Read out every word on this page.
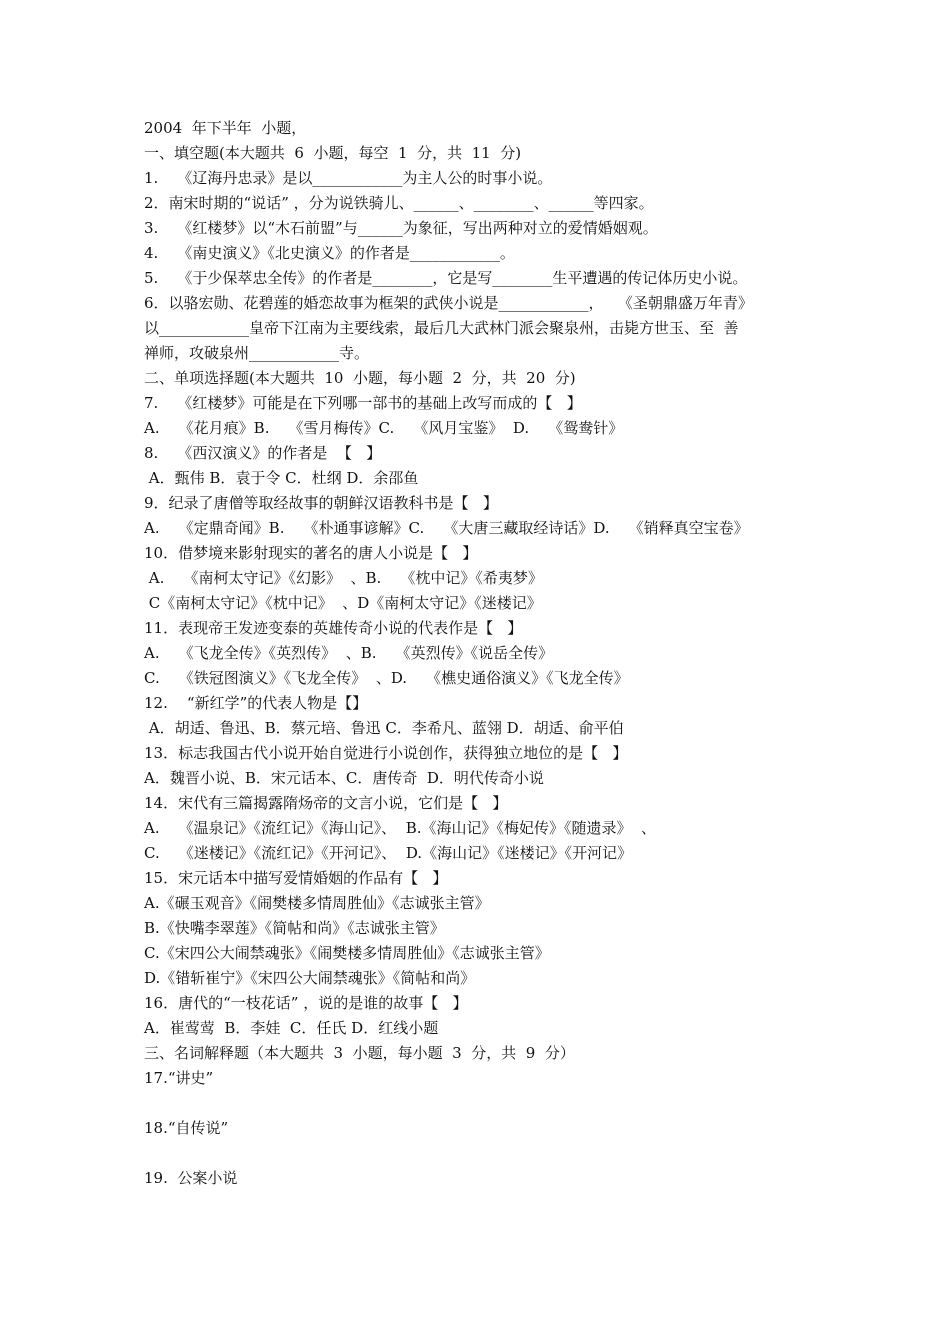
2004  年下半年  小题，
一、填空题(本大题共  6  小题，每空  1  分，共  11  分)
1.    《辽海丹忠录》是以____________为主人公的时事小说。
2．南宋时期的“说话” ，分为说铁骑儿、______、________、______等四家。
3.    《红楼梦》以“木石前盟”与______为象征，写出两种对立的爱情婚姻观。
4.    《南史演义》《北史演义》的作者是____________。
5.    《于少保萃忠全传》的作者是________，它是写________生平遭遇的传记体历史小说。
6．以骆宏勋、花碧莲的婚恋故事为框架的武侠小说是____________，   《圣朝鼎盛万年青》
以____________皇帝下江南为主要线索，最后几大武林门派会聚泉州，击毙方世玉、至  善
禅师，攻破泉州____________寺。
二、单项选择题(本大题共  10  小题，每小题  2  分，共  20  分)
7.    《红楼梦》可能是在下列哪一部书的基础上改写而成的【   】
A.    《花月痕》B.    《雪月梅传》C.    《风月宝鉴》  D.    《鸳鸯针》
8.    《西汉演义》的作者是  【   】
A．甄伟 B．袁于令 C．杜纲 D．余邵鱼
9．纪录了唐僧等取经故事的朝鲜汉语教科书是【   】
A.    《定鼎奇闻》B.    《朴通事谚解》C.    《大唐三藏取经诗话》D.    《销释真空宝卷》
10．借梦境来影射现实的著名的唐人小说是【   】
A.    《南柯太守记》《幻影》  、B.    《枕中记》《希夷梦》
C《南柯太守记》《枕中记》  、D《南柯太守记》《迷楼记》
11．表现帝王发迹变泰的英雄传奇小说的代表作是【   】
A.    《飞龙全传》《英烈传》  、B.    《英烈传》《说岳全传》
C.    《铁冠图演义》《飞龙全传》  、D.    《樵史通俗演义》《飞龙全传》
12.    “新红学”的代表人物是【】
A．胡适、鲁迅、B．蔡元培、鲁迅 C．李希凡、蓝翎 D．胡适、俞平伯
13．标志我国古代小说开始自觉进行小说创作，获得独立地位的是【   】
A．魏晋小说、B．宋元话本、C．唐传奇  D．明代传奇小说
14．宋代有三篇揭露隋炀帝的文言小说，它们是【   】
A.    《温泉记》《流红记》《海山记》、  B.《海山记》《梅妃传》《随遗录》  、
C.    《迷楼记》《流红记》《开河记》、  D.《海山记》《迷楼记》《开河记》
15．宋元话本中描写爱情婚姻的作品有【   】
A.《碾玉观音》《闹樊楼多情周胜仙》《志诚张主管》
B.《快嘴李翠莲》《简帖和尚》《志诚张主管》
C.《宋四公大闹禁魂张》《闹樊楼多情周胜仙》《志诚张主管》
D.《错斩崔宁》《宋四公大闹禁魂张》《简帖和尚》
16．唐代的“一枝花话” ，说的是谁的故事【   】
A．崔莺莺  B．李娃  C．任氏 D．红线小题
三、名词解释题（本大题共  3  小题，每小题  3  分，共  9  分）
17.“讲史”
18.“自传说”
19.  公案小说
